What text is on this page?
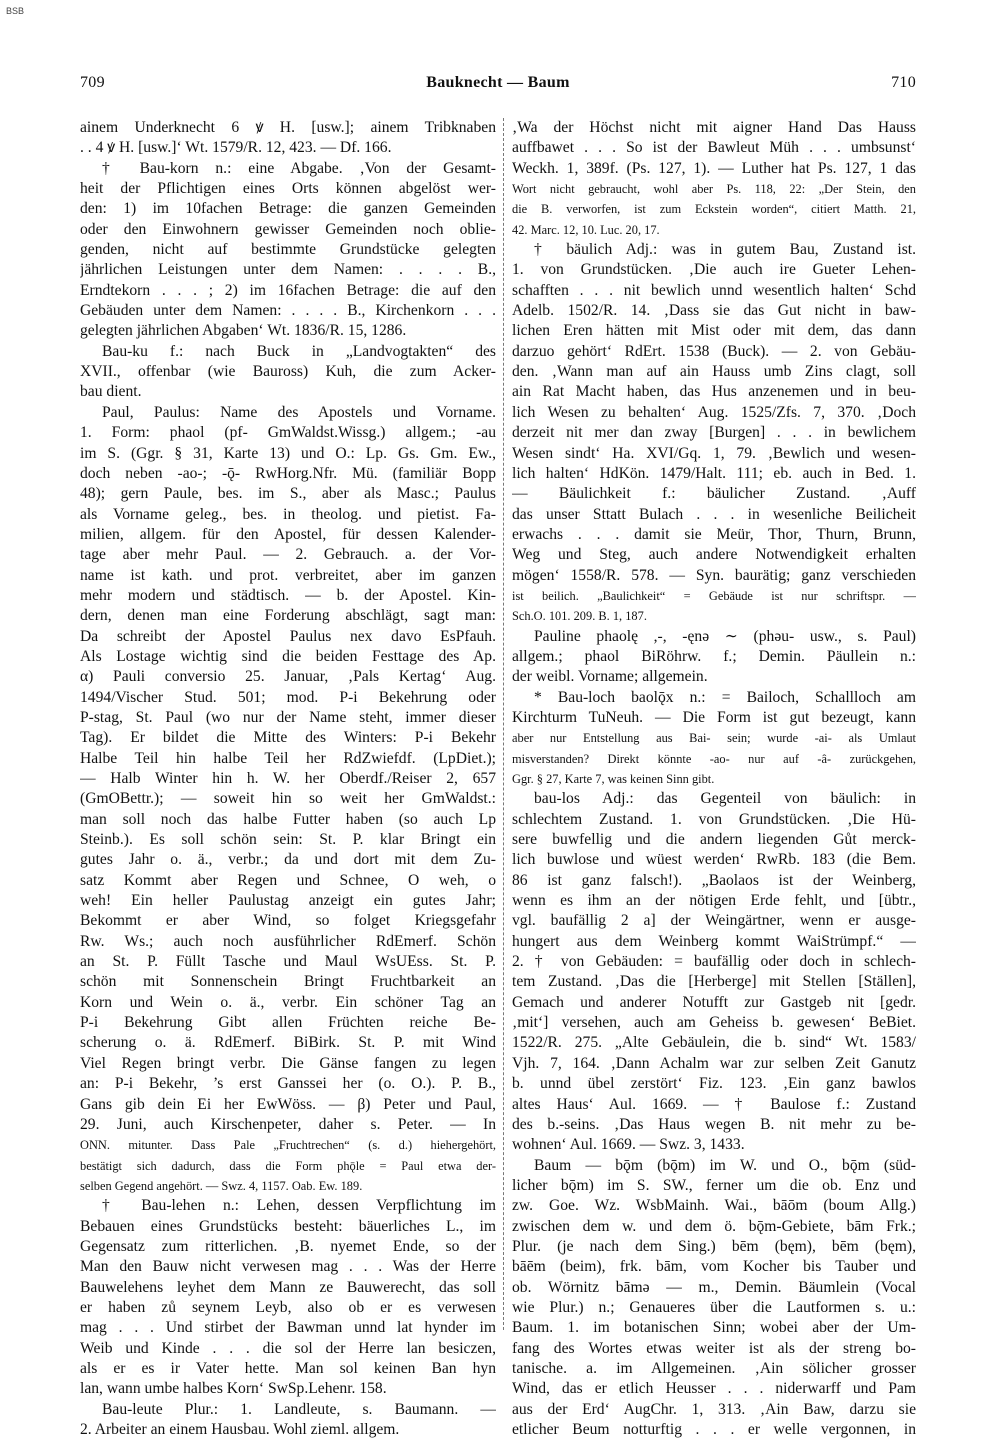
BSB
709	Bauknecht — Baum	710
ainem Underknecht 6 ꝟ H. [usw.]; ainem Tribknaben
. . 4 ꝟ H. [usw.]‘ Wt. 1579/R. 12, 423. — Df. 166.
† Bau-korn n.: eine Abgabe. ‚Von der Gesamt-
heit der Pflichtigen eines Orts können abgelöst wer-
den: 1) im 10fachen Betrage: die ganzen Gemeinden
oder den Einwohnern gewisser Gemeinden noch oblie-
genden, nicht auf bestimmte Grundstücke gelegten
jährlichen Leistungen unter dem Namen: . . . . B.,
Erndtekorn . . . ; 2) im 16fachen Betrage: die auf den
Gebäuden unter dem Namen: . . . . B., Kirchenkorn . . .
gelegten jährlichen Abgaben‘ Wt. 1836/R. 15, 1286.
Bau-ku f.: nach Buck in „Landvogtakten“ des
XVII., offenbar (wie Bauross) Kuh, die zum Acker-
bau dient.
Paul, Paulus: Name des Apostels und Vorname.
1. Form: phaol (pf- GmWaldst.Wissg.) allgem.; -au
im S. (Ggr. § 31, Karte 13) und O.: Lp. Gs. Gm. Ew.,
doch neben -ao-; -ǭ- RwHorg.Nfr. Mü. (familiär Bopp
48); gern Paule, bes. im S., aber als Masc.; Paulus
als Vorname geleg., bes. in theolog. und pietist. Fa-
milien, allgem. für den Apostel, für dessen Kalender-
tage aber mehr Paul. — 2. Gebrauch. a. der Vor-
name ist kath. und prot. verbreitet, aber im ganzen
mehr modern und städtisch. — b. der Apostel. Kin-
dern, denen man eine Forderung abschlägt, sagt man:
Da schreibt der Apostel Paulus nex davo EsPfauh.
Als Lostage wichtig sind die beiden Festtage des Ap.
α) Pauli conversio 25. Januar, ‚Pals Kertag‘ Aug.
1494/Vischer Stud. 501; mod. P-i Bekehrung oder
P-stag, St. Paul (wo nur der Name steht, immer dieser
Tag). Er bildet die Mitte des Winters: P-i Bekehr
Halbe Teil hin halbe Teil her RdZwiefdf. (LpDiet.);
— Halb Winter hin h. W. her Oberdf./Reiser 2, 657
(GmOBettr.); — soweit hin so weit her GmWaldst.:
man soll noch das halbe Futter haben (so auch Lp
Steinb.). Es soll schön sein: St. P. klar Bringt ein
gutes Jahr o. ä., verbr.; da und dort mit dem Zu-
satz Kommt aber Regen und Schnee, O weh, o
weh! Ein heller Paulustag anzeigt ein gutes Jahr;
Bekommt er aber Wind, so folget Kriegsgefahr
Rw. Ws.; auch noch ausführlicher RdEmerf. Schön
an St. P. Füllt Tasche und Maul WsUEss. St. P.
schön mit Sonnenschein Bringt Fruchtbarkeit an
Korn und Wein o. ä., verbr. Ein schöner Tag an
P-i Bekehrung Gibt allen Früchten reiche Be-
scherung o. ä. RdEmerf. BiBirk. St. P. mit Wind
Viel Regen bringt verbr. Die Gänse fangen zu legen
an: P-i Bekehr, ’s erst Ganssei her (o. O.). P. B.,
Gans gib dein Ei her EwWöss. — β) Peter und Paul,
29. Juni, auch Kirschenpeter, daher s. Peter. — In
ONN. mitunter. Dass Pale „Fruchtrechen“ (s. d.) hiehergehört,
bestätigt sich dadurch, dass die Form phǭle = Paul etwa der-
selben Gegend angehört. — Swz. 4, 1157. Oab. Ew. 189.
† Bau-lehen n.: Lehen, dessen Verpflichtung im
Bebauen eines Grundstücks besteht: bäuerliches L., im
Gegensatz zum ritterlichen. ‚B. nyemet Ende, so der
Man den Bauw nicht verwesen mag . . . Was der Herre
Bauwelehens leyhet dem Mann ze Bauwerecht, das soll
er haben zů seynem Leyb, also ob er es verwesen
mag . . . Und stirbet der Bawman unnd lat hynder im
Weib und Kinde . . . die sol der Herre lan besiczen,
als er es ir Vater hette. Man sol keinen Ban hyn
lan, wann umbe halbes Korn‘ SwSp.Lehenr. 158.
Bau-leute Plur.: 1. Landleute, s. Baumann. —
2. Arbeiter an einem Hausbau. Wohl zieml. allgem.
‚Wa der Höchst nicht mit aigner Hand Das Hauss
auffbawet . . . So ist der Bawleut Müh . . . umbsunst‘
Weckh. 1, 389f. (Ps. 127, 1). — Luther hat Ps. 127, 1 das
Wort nicht gebraucht, wohl aber Ps. 118, 22: „Der Stein, den
die B. verworfen, ist zum Eckstein worden“, citiert Matth. 21,
42. Marc. 12, 10. Luc. 20, 17.
† bäulich Adj.: was in gutem Bau, Zustand ist.
1. von Grundstücken. ‚Die auch ire Gueter Lehen-
schafften . . . nit bewlich unnd wesentlich halten‘ Schd
Adelb. 1502/R. 14. ‚Dass sie das Gut nicht in baw-
lichen Eren hätten mit Mist oder mit dem, das dann
darzuo gehört‘ RdErt. 1538 (Buck). — 2. von Gebäu-
den. ‚Wann man auf ain Hauss umb Zins clagt, soll
ain Rat Macht haben, das Hus anzenemen und in beu-
lich Wesen zu behalten‘ Aug. 1525/Zfs. 7, 370. ‚Doch
derzeit nit mer dan zway [Burgen] . . . in bewlichem
Wesen sindt‘ Ha. XVI/Gq. 1, 79. ‚Bewlich und wesen-
lich halten‘ HdKön. 1479/Halt. 111; eb. auch in Bed. 1.
— Bäulichkeit f.: bäulicher Zustand. ‚Auff
das unser Sttatt Bulach . . . in wesenliche Beilicheit
erwachs . . . damit sie Meür, Thor, Thurn, Brunn,
Weg und Steg, auch andere Notwendigkeit erhalten
mögen‘ 1558/R. 578. — Syn. baurätig; ganz verschieden
ist beilich. „Baulichkeit“ = Gebäude ist nur schriftspr. —
Sch.O. 101. 209. B. 1, 187.
Pauline phaolę ,-, -ęnə ∼ (phəu- usw., s. Paul)
allgem.; phaol BiRöhrw. f.; Demin. Päullein n.:
der weibl. Vorname; allgemein.
* Bau-loch baolǭx n.: = Bailoch, Schallloch am
Kirchturm TuNeuh. — Die Form ist gut bezeugt, kann
aber nur Entstellung aus Bai- sein; wurde -ai- als Umlaut
misverstanden? Direkt könnte -ao- nur auf -â- zurückgehen,
Ggr. § 27, Karte 7, was keinen Sinn gibt.
bau-los Adj.: das Gegenteil von bäulich: in
schlechtem Zustand. 1. von Grundstücken. ‚Die Hü-
sere buwfellig und die andern liegenden Gůt merck-
lich buwlose und wüest werden‘ RwRb. 183 (die Bem.
86 ist ganz falsch!). „Baolaos ist der Weinberg,
wenn es ihm an der nötigen Erde fehlt, und [übtr.,
vgl. baufällig 2 a] der Weingärtner, wenn er ausge-
hungert aus dem Weinberg kommt WaiStrümpf.“ —
2. † von Gebäuden: = baufällig oder doch in schlech-
tem Zustand. ‚Das die [Herberge] mit Stellen [Ställen],
Gemach und anderer Notufft zur Gastgeb nit [gedr.
‚mit‘] versehen, auch am Geheiss b. gewesen‘ BeBiet.
1522/R. 275. „Alte Gebäulein, die b. sind“ Wt. 1583/
Vjh. 7, 164. ‚Dann Achalm war zur selben Zeit Ganutz
b. unnd übel zerstört‘ Fiz. 123. ‚Ein ganz bawlos
altes Haus‘ Aul. 1669. — † Baulose f.: Zustand
des b.-seins. ‚Das Haus wegen B. nit mehr zu be-
wohnen‘ Aul. 1669. — Swz. 3, 1433.
Baum — bǭm (bǭm) im W. und O., bǭm (süd-
licher bǭm) im S. SW., ferner um die ob. Enz und
zw. Goe. Wz. WsbMainh. Wai., bāōm (boum Allg.)
zwischen dem w. und dem ö. bǭm-Gebiete, bām Frk.;
Plur. (je nach dem Sing.) bēm (bęm), bēm (bęm),
bāēm (beim), frk. bām, vom Kocher bis Tauber und
ob. Wörnitz bāmə — m., Demin. Bäumlein (Vocal
wie Plur.) n.; Genaueres über die Lautformen s. u.:
Baum. 1. im botanischen Sinn; wobei aber der Um-
fang des Wortes etwas weiter ist als der streng bo-
tanische. a. im Allgemeinen. ‚Ain sölicher grosser
Wind, das er etlich Heusser . . . niderwarff und Pam
aus der Erd‘ AugChr. 1, 313. ‚Ain Baw, darzu sie
etlicher Beum notturftig . . . er welle vergonnen, in
